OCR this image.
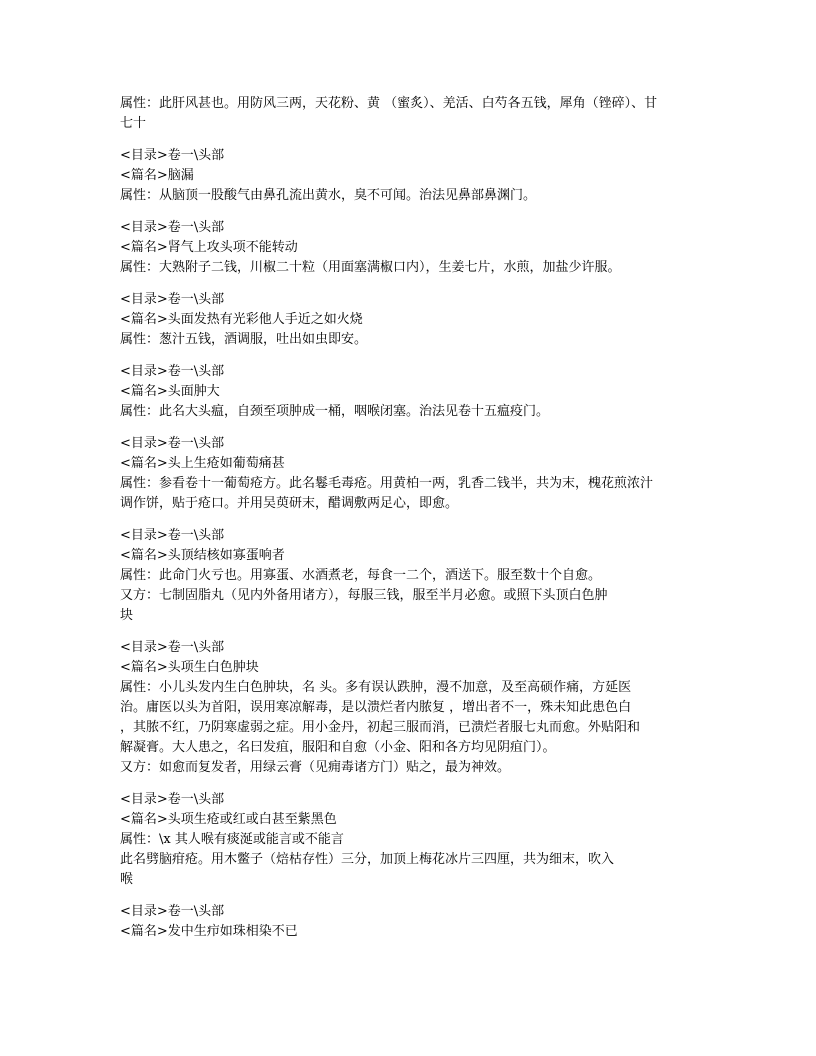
属性：此肝风甚也。用防风三两，天花粉、黄 （蜜炙）、羌活、白芍各五钱，犀角（锉碎）、甘
七十
<目录>卷一\头部
<篇名>脑漏
属性：从脑顶一股酸气由鼻孔流出黄水，臭不可闻。治法见鼻部鼻渊门。
<目录>卷一\头部
<篇名>肾气上攻头项不能转动
属性：大熟附子二钱，川椒二十粒（用面塞满椒口内），生姜七片，水煎，加盐少许服。
<目录>卷一\头部
<篇名>头面发热有光彩他人手近之如火烧
属性：葱汁五钱，酒调服，吐出如虫即安。
<目录>卷一\头部
<篇名>头面肿大
属性：此名大头瘟，自颈至项肿成一桶，咽喉闭塞。治法见卷十五瘟疫门。
<目录>卷一\头部
<篇名>头上生疮如葡萄痛甚
属性：参看卷十一葡萄疮方。此名鬈毛毒疮。用黄柏一两，乳香二钱半，共为末，槐花煎浓汁
调作饼，贴于疮口。并用吴萸研末，醋调敷两足心，即愈。
<目录>卷一\头部
<篇名>头顶结核如寡蛋响者
属性：此命门火亏也。用寡蛋、水酒煮老，每食一二个，酒送下。服至数十个自愈。
又方：七制固脂丸（见内外备用诸方），每服三钱，服至半月必愈。或照下头顶白色肿
块
<目录>卷一\头部
<篇名>头项生白色肿块
属性：小儿头发内生白色肿块，名 头。多有误认跌肿，漫不加意，及至高硕作痛，方延医
治。庸医以头为首阳，误用寒凉解毒，是以溃烂者内脓复 ，增出者不一，殊未知此患色白
，其脓不红，乃阴寒虚弱之症。用小金丹，初起三服而消，已溃烂者服七丸而愈。外贴阳和
解凝膏。大人患之，名曰发疽，服阳和自愈（小金、阳和各方均见阴疽门）。
又方：如愈而复发者，用绿云膏（见痈毒诸方门）贴之，最为神效。
<目录>卷一\头部
<篇名>头项生疮或红或白甚至紫黑色
属性：\x 其人喉有痰涎或能言或不能言
此名劈脑疳疮。用木鳖子（焙枯存性）三分，加顶上梅花冰片三四厘，共为细末，吹入
喉
<目录>卷一\头部
<篇名>发中生疖如珠相染不已
